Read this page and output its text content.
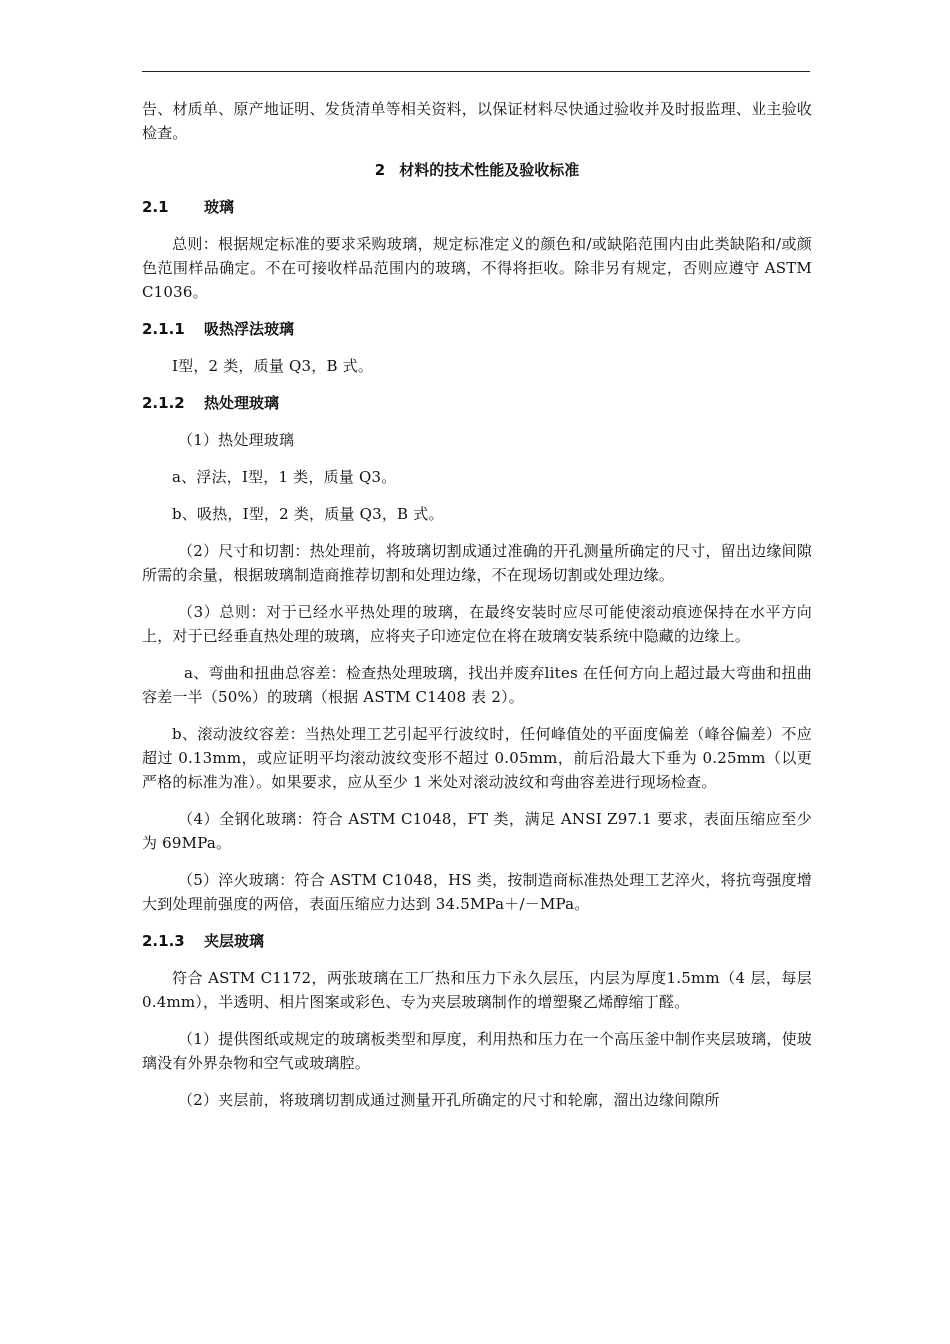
告、材质单、原产地证明、发货清单等相关资料，以保证材料尽快通过验收并及时报监理、业主验收检查。

2 材料的技术性能及验收标准
2.1 玻璃

总则：根据规定标准的要求采购玻璃，规定标准定义的颜色和/或缺陷范围内由此类缺陷和/或颜色范围样品确定。不在可接收样品范围内的玻璃，不得将拒收。除非另有规定，否则应遵守 ASTM C1036。

2.1.1 吸热浮法玻璃

Ⅰ型，2 类，质量 Q3，B 式。

2.1.2 热处理玻璃

（1）热处理玻璃

a、浮法，Ⅰ型，1 类，质量 Q3。

b、吸热，Ⅰ型，2 类，质量 Q3，B 式。

（2）尺寸和切割：热处理前，将玻璃切割成通过准确的开孔测量所确定的尺寸，留出边缘间隙所需的余量，根据玻璃制造商推荐切割和处理边缘，不在现场切割或处理边缘。

（3）总则：对于已经水平热处理的玻璃，在最终安装时应尽可能使滚动痕迹保持在水平方向上，对于已经垂直热处理的玻璃，应将夹子印迹定位在将在玻璃安装系统中隐藏的边缘上。

a、弯曲和扭曲总容差：检查热处理玻璃，找出并废弃lites 在任何方向上超过最大弯曲和扭曲容差一半（50%）的玻璃（根据 ASTM C1408 表 2）。

b、滚动波纹容差：当热处理工艺引起平行波纹时，任何峰值处的平面度偏差（峰谷偏差）不应超过 0.13mm，或应证明平均滚动波纹变形不超过 0.05mm，前后沿最大下垂为 0.25mm（以更严格的标准为准）。如果要求，应从至少 1 米处对滚动波纹和弯曲容差进行现场检查。

（4）全钢化玻璃：符合 ASTM C1048，FT 类，满足 ANSI Z97.1 要求，表面压缩应至少为 69MPa。

（5）淬火玻璃：符合 ASTM C1048，HS 类，按制造商标准热处理工艺淬火，将抗弯强度增大到处理前强度的两倍，表面压缩应力达到 34.5MPa＋/－MPa。

2.1.3 夹层玻璃

符合 ASTM C1172，两张玻璃在工厂热和压力下永久层压，内层为厚度1.5mm（4 层，每层 0.4mm），半透明、相片图案或彩色、专为夹层玻璃制作的增塑聚乙烯醇缩丁醛。

（1）提供图纸或规定的玻璃板类型和厚度，利用热和压力在一个高压釜中制作夹层玻璃，使玻璃没有外界杂物和空气或玻璃腔。

（2）夹层前，将玻璃切割成通过测量开孔所确定的尺寸和轮廓，溜出边缘间隙所
